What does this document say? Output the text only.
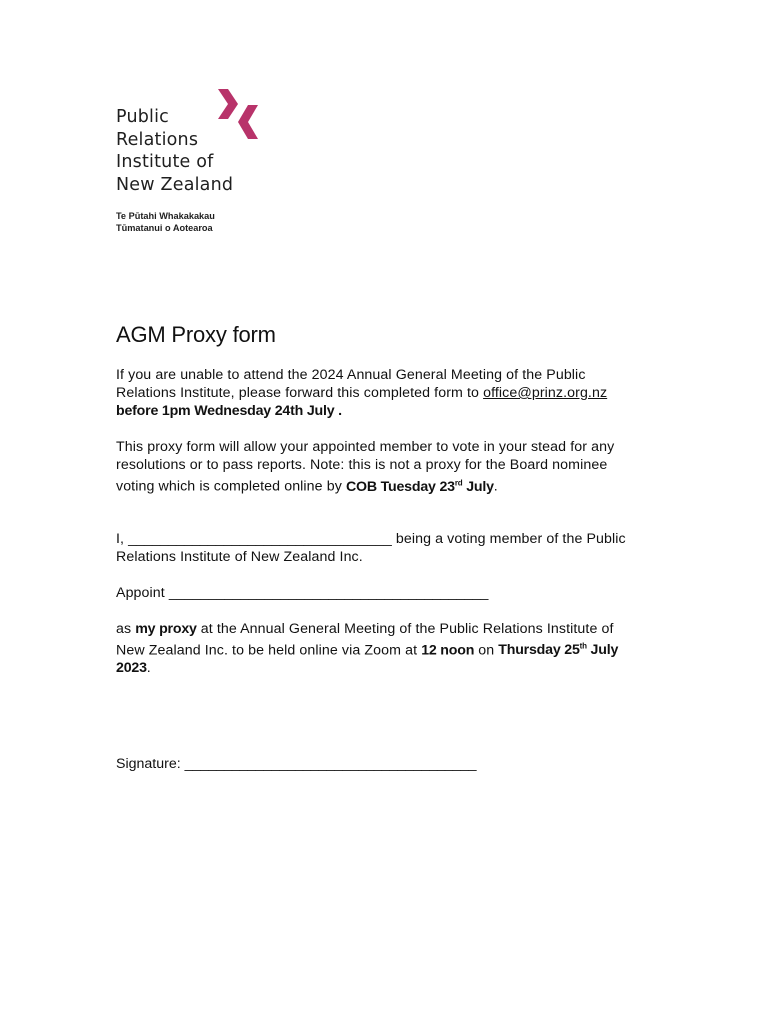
Public
Relations
Institute of
New Zealand
Te Pūtahi Whakakakau
Tūmatanui o Aotearoa
AGM Proxy form

If you are unable to attend the 2024 Annual General Meeting of the Public
Relations Institute, please forward this completed form to office@prinz.org.nz
before 1pm Wednesday 24th July .

This proxy form will allow your appointed member to vote in your stead for any
resolutions or to pass reports. Note: this is not a proxy for the Board nominee
voting which is completed online by COB Tuesday 23rd July.

I, _________________________________ being a voting member of the Public
Relations Institute of New Zealand Inc.

Appoint ________________________________________

as my proxy at the Annual General Meeting of the Public Relations Institute of
New Zealand Inc. to be held online via Zoom at 12 noon on Thursday 25th July
2023.

Signature: _____________________________________
